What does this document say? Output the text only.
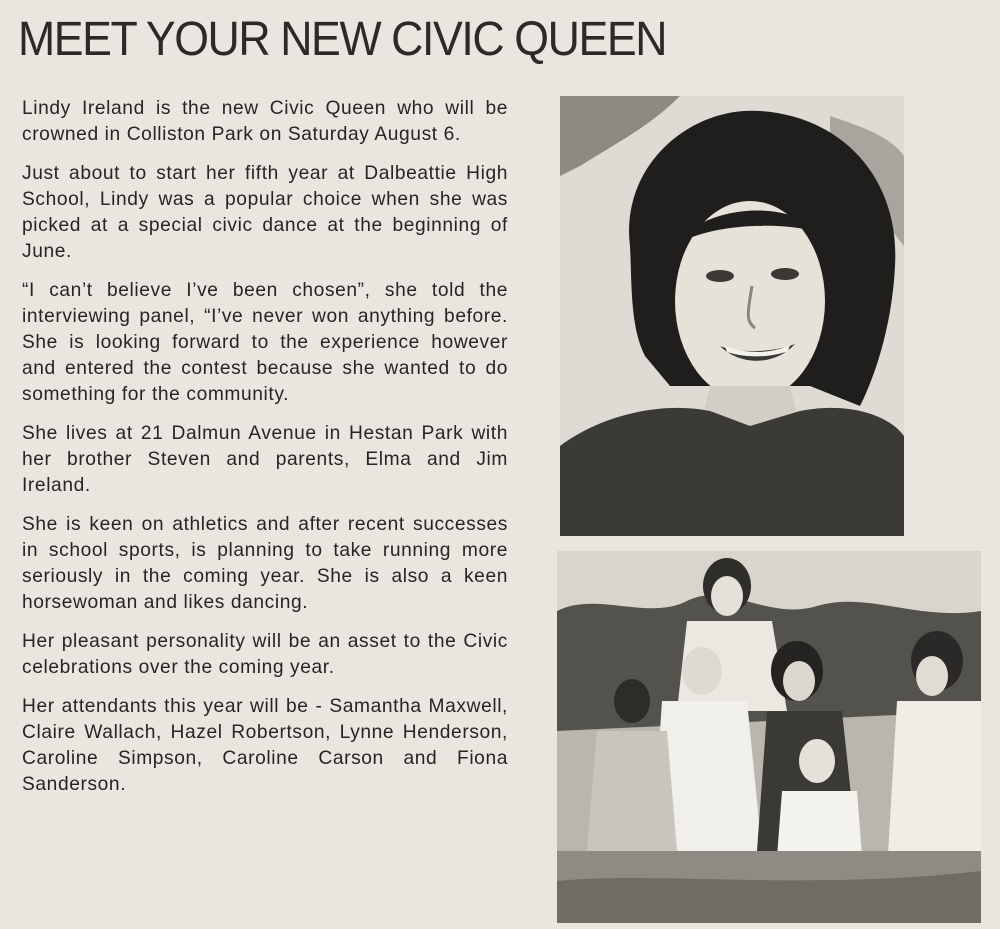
MEET YOUR NEW CIVIC QUEEN

Lindy Ireland is the new Civic Queen who will be crowned in Colliston Park on Saturday August 6.

Just about to start her fifth year at Dalbeattie High School, Lindy was a popular choice when she was picked at a special civic dance at the beginning of June.

“I can’t believe I’ve been chosen”, she told the interviewing panel, “I’ve never won anything before. She is looking forward to the experience however and entered the contest because she wanted to do something for the community.

She lives at 21 Dalmun Avenue in Hestan Park with her brother Steven and parents, Elma and Jim Ireland.

She is keen on athletics and after recent successes in school sports, is planning to take running more seriously in the coming year. She is also a keen horsewoman and likes dancing.

Her pleasant personality will be an asset to the Civic celebrations over the coming year.

Her attendants this year will be - Samantha Maxwell, Claire Wallach, Hazel Robertson, Lynne Henderson, Caroline Simpson, Caroline Carson and Fiona Sanderson.
